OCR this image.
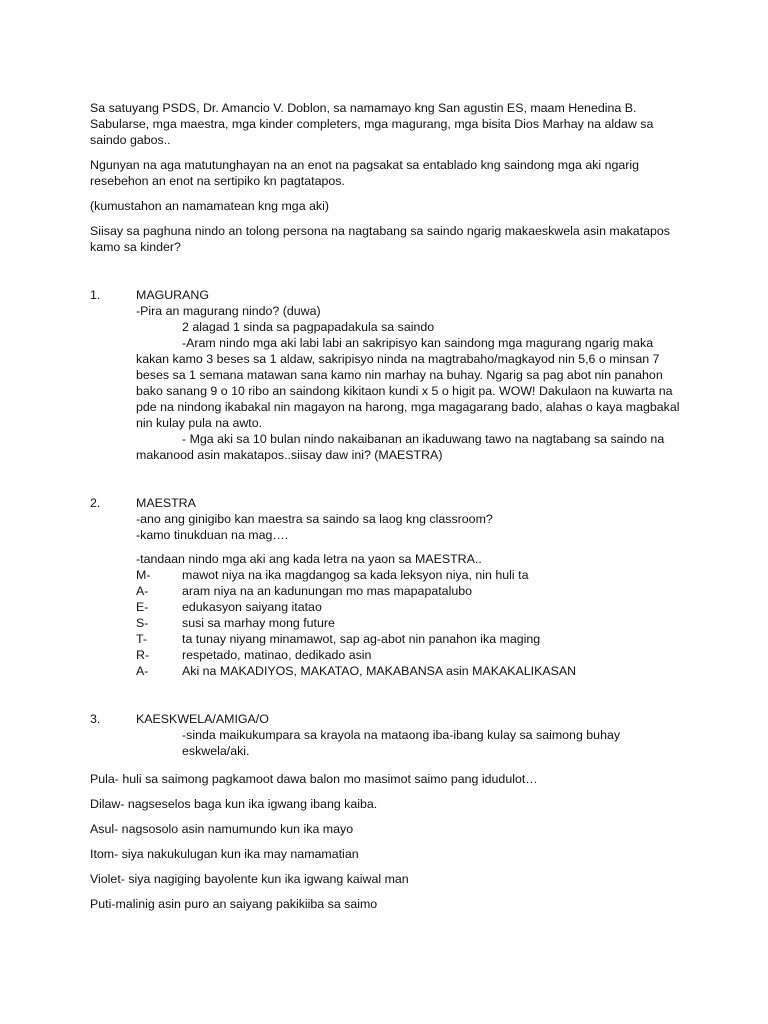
Sa satuyang PSDS, Dr. Amancio V. Doblon, sa namamayo kng San agustin ES, maam Henedina B. Sabularse, mga maestra, mga kinder completers, mga magurang, mga bisita Dios Marhay na aldaw sa saindo gabos..

Ngunyan na aga matutunghayan na an enot na pagsakat sa entablado kng saindong mga aki ngarig resebehon an enot na sertipiko kn pagtatapos.

(kumustahon an namamatean kng mga aki)

Siisay sa paghuna nindo an tolong persona na nagtabang sa saindo ngarig makaeskwela asin makatapos kamo sa kinder?

1.	MAGURANG
-Pira an magurang nindo? (duwa)
2 alagad 1 sinda sa pagpapadakula sa saindo
-Aram nindo mga aki labi labi an sakripisyo kan saindong mga magurang ngarig maka kakan kamo 3 beses sa 1 aldaw, sakripisyo ninda na magtrabaho/magkayod nin 5,6 o minsan 7 beses sa 1 semana matawan sana kamo nin marhay na buhay. Ngarig sa pag abot nin panahon bako sanang 9 o 10 ribo an saindong kikitaon kundi x 5 o higit pa. WOW! Dakulaon na kuwarta na pde na nindong ikabakal nin magayon na harong, mga magagarang bado, alahas o kaya magbakal nin kulay pula na awto.
- Mga aki sa 10 bulan nindo nakaibanan an ikaduwang tawo na nagtabang sa saindo na makanood asin makatapos..siisay daw ini? (MAESTRA)
2.	MAESTRA
-ano ang ginigibo kan maestra sa saindo sa laog kng classroom?
-kamo tinukduan na mag….
-tandaan nindo mga aki ang kada letra na yaon sa MAESTRA..
M-	mawot niya na ika magdangog sa kada leksyon niya, nin huli ta
A-	aram niya na an kadunungan mo mas mapapatalubo
E-	edukasyon saiyang itatao
S-	susi sa marhay mong future
T-	ta tunay niyang minamawot, sap ag-abot nin panahon ika maging
R-	respetado, matinao, dedikado asin
A-	Aki na MAKADIYOS, MAKATAO, MAKABANSA asin MAKAKALIKASAN
3.	KAESKWELA/AMIGA/O
-sinda maikukumpara sa krayola na mataong iba-ibang kulay sa saimong buhay
eskwela/aki.

Pula- huli sa saimong pagkamoot dawa balon mo masimot saimo pang idudulot…

Dilaw- nagseselos baga kun ika igwang ibang kaiba.

Asul- nagsosolo asin namumundo kun ika mayo

Itom- siya nakukulugan kun ika may namamatian

Violet- siya nagiging bayolente kun ika igwang kaiwal man

Puti-malinig asin puro an saiyang pakikiiba sa saimo
